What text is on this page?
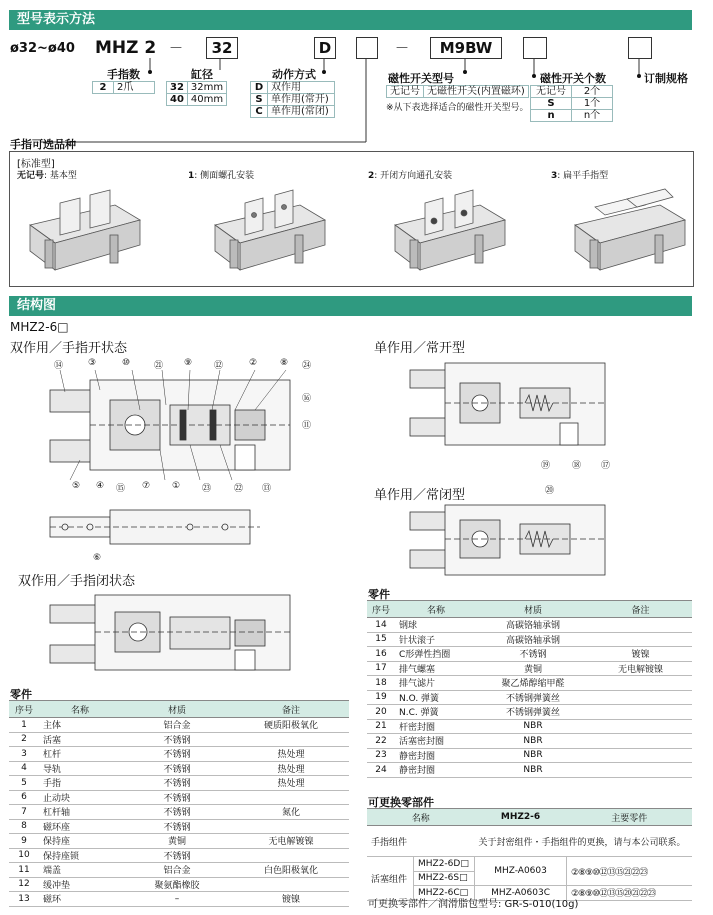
型号表示方法
ø32~ø40 MHZ 2 —	32	D	—	M9BW
手指数
2	2爪
缸径
32	32mm
40	40mm
动作方式
D	双作用
S	单作用(常开)
C	单作用(常闭)
磁性开关型号
无记号	无磁性开关(内置磁环)
※从下表选择适合的磁性开关型号。
磁性开关个数
无记号	2个
S	1个
n	n个
订制规格
手指可选品种
[标准型]
无记号: 基本型	1: 侧面螺孔安装	2: 开闭方向通孔安装	3: 扁平手指型
结构图
MHZ2-6□
双作用／手指开状态	单作用／常开型
单作用／常闭型
双作用／手指闭状态
⑭	③	⑩	㉑ ⑨ ⑫	②	⑧ ㉔
⑯
⑪
⑤ ④ ⑮ ⑦ ① ㉓	㉒ ⑬
⑥
⑲ ⑱ ⑰
⑳
零件
序号	名称	材质	备注
1	主体	铝合金	硬质阳极氧化
2	活塞	不锈钢	
3	杠杆	不锈钢	热处理
4	导轨	不锈钢	热处理
5	手指	不锈钢	热处理
6	止动块	不锈钢	
7	杠杆轴	不锈钢	氮化
8	磁环座	不锈钢	
9	保持座	黄铜	无电解镀镍
10	保持座锁	不锈钢	
11	端盖	铝合金	白色阳极氧化
12	缓冲垫	聚氨酯橡胶	
13	磁环	–	镀镍
零件
序号	名称	材质	备注
14	钢球	高碳铬轴承钢	
15	针状滚子	高碳铬轴承钢	
16	C形弹性挡圈	不锈钢	镀镍
17	排气螺塞	黄铜	无电解镀镍
18	排气滤片	聚乙烯醇缩甲醛	
19	N.O. 弹簧	不锈钢弹簧丝	
20	N.C. 弹簧	不锈钢弹簧丝	
21	杆密封圈	NBR	
22	活塞密封圈	NBR	
23	静密封圈	NBR	
24	静密封圈	NBR	
可更换零部件
名称		MHZ2-6	主要零件
手指组件		关于封密组件・手指组件的更换，请与本公司联系。	
活塞组件	MHZ2-6D□	MHZ-A0603	②⑧⑨⑩⑫⑬⑮㉑㉒㉓
	MHZ2-6S□		
	MHZ2-6C□	MHZ-A0603C	②⑧⑨⑩⑫⑬⑮⑳㉑㉒㉓
可更换零部件／润滑脂包型号: GR-S-010(10g)
